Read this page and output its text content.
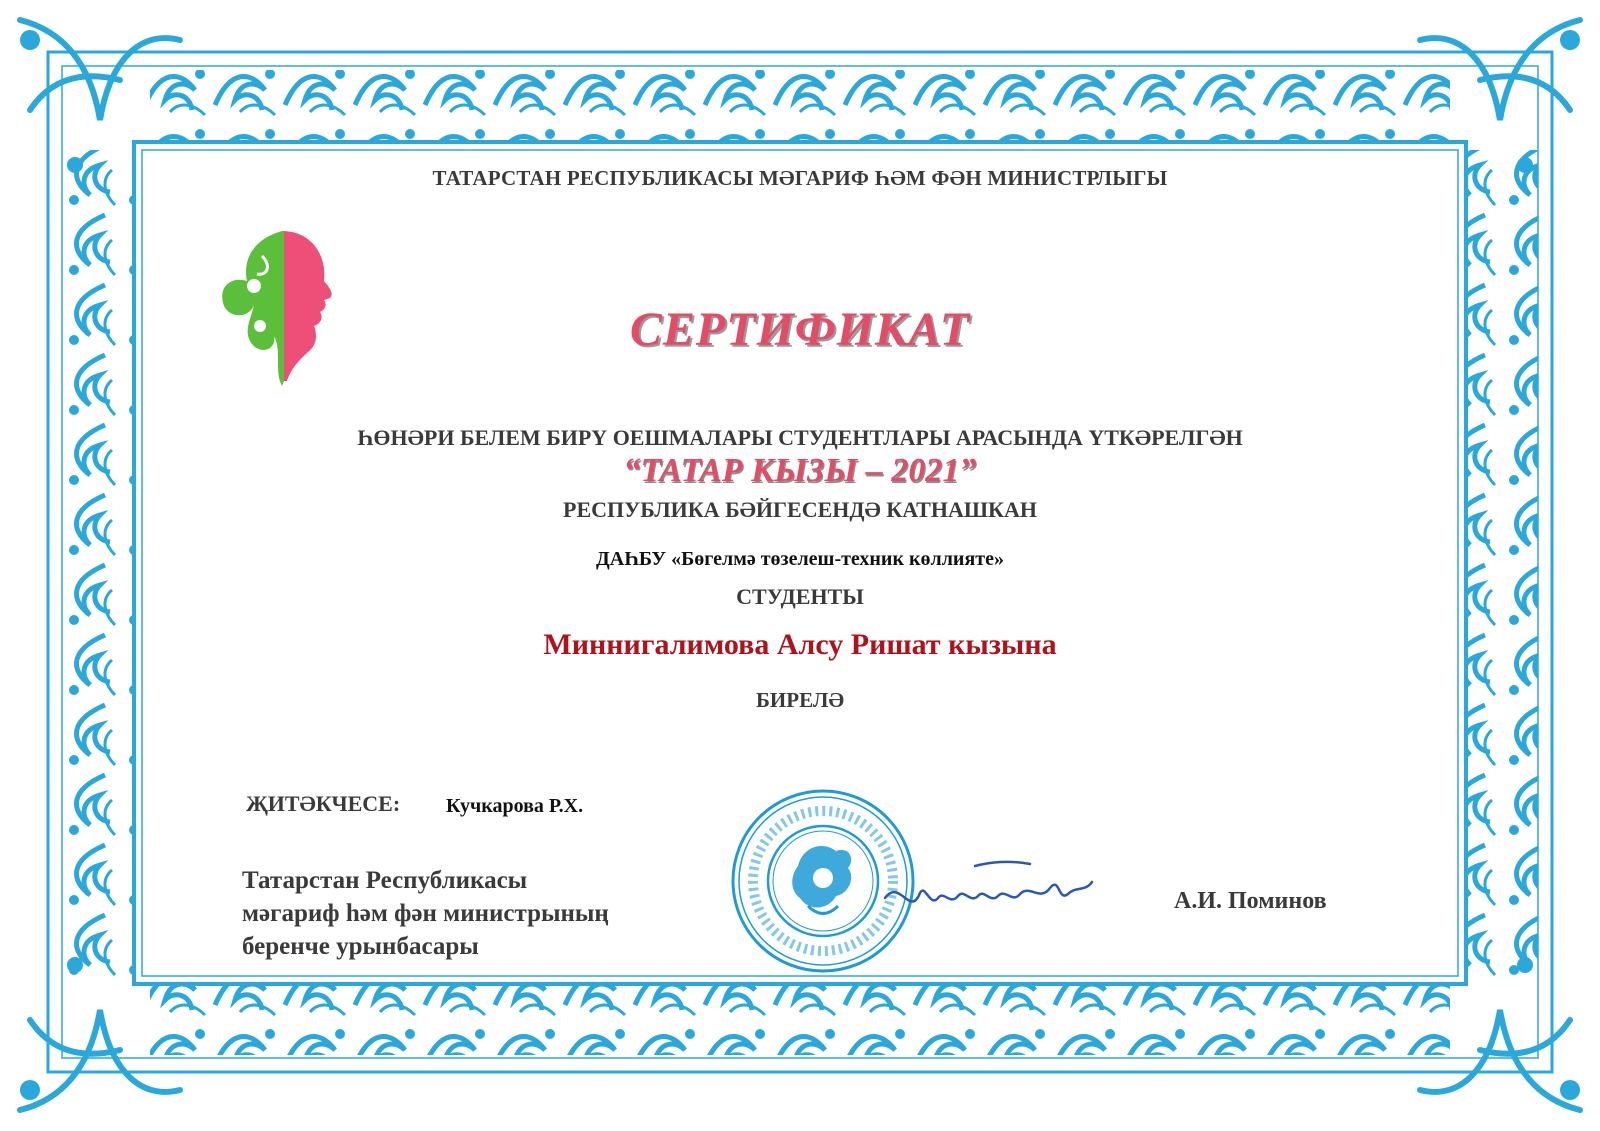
ТАТАРСТАН РЕСПУБЛИКАСЫ МӘГАРИФ ҺӘМ ФӘН МИНИСТРЛЫГЫ
СЕРТИФИКАТ
ҺӨНӘРИ БЕЛЕМ БИРҮ ОЕШМАЛАРЫ СТУДЕНТЛАРЫ АРАСЫНДА ҮТКӘРЕЛГӘН
“ТАТАР КЫЗЫ – 2021”
РЕСПУБЛИКА БӘЙГЕСЕНДӘ КАТНАШКАН
ДАҺБУ «Бөгелмә төзелеш-техник көллияте»
СТУДЕНТЫ
Миннигалимова Алсу Ришат кызына
БИРЕЛӘ
ҖИТӘКЧЕСЕ: Кучкарова Р.Х.
Татарстан Республикасы
мәгариф һәм фән министрының
беренче урынбасары
А.И. Поминов
